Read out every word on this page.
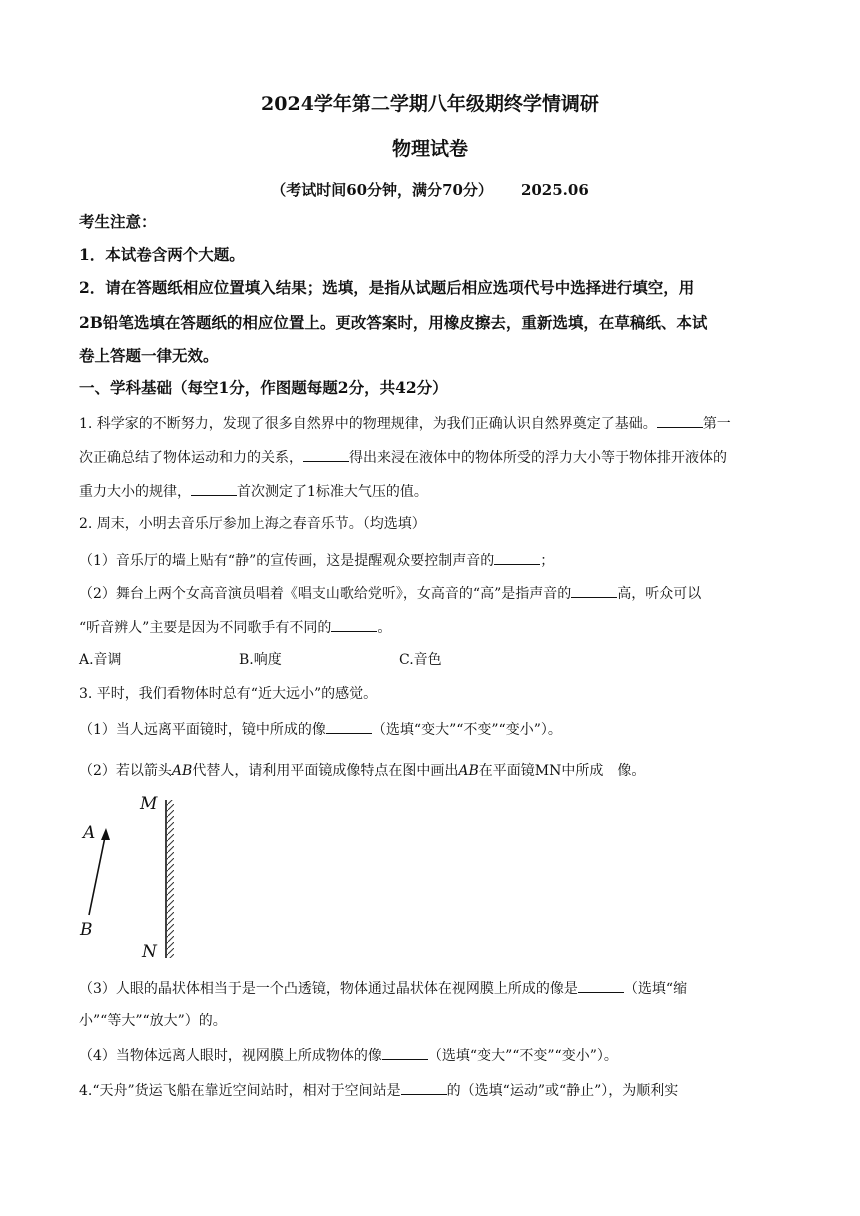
2024学年第二学期八年级期终学情调研
物理试卷
（考试时间60分钟，满分70分） 2025.06
考生注意：
1．本试卷含两个大题。
2．请在答题纸相应位置填入结果；选填，是指从试题后相应选项代号中选择进行填空，用
2B铅笔选填在答题纸的相应位置上。更改答案时，用橡皮擦去，重新选填，在草稿纸、本试
卷上答题一律无效。
一、学科基础（每空1分，作图题每题2分，共42分）
1. 科学家的不断努力，发现了很多自然界中的物理规律，为我们正确认识自然界奠定了基础。	第一
次正确总结了物体运动和力的关系，	得出来浸在液体中的物体所受的浮力大小等于物体排开液体的
重力大小的规律，	首次测定了1标准大气压的值。
2. 周末，小明去音乐厅参加上海之春音乐节。（均选填）
（1）音乐厅的墙上贴有“静”的宣传画，这是提醒观众要控制声音的	；
（2）舞台上两个女高音演员唱着《唱支山歌给党听》，女高音的“高”是指声音的	高，听众可以
“听音辨人”主要是因为不同歌手有不同的	。
A.音调	B.响度	C.音色
3. 平时，我们看物体时总有“近大远小”的感觉。
（1）当人远离平面镜时，镜中所成的像	（选填“变大”“不变”“变小”）。
（2）若以箭头AB代替人，请利用平面镜成像特点在图中画出AB在平面镜MN中所成　像。
M
N
A
B
（3）人眼的晶状体相当于是一个凸透镜，物体通过晶状体在视网膜上所成的像是	（选填“缩
小”“等大”“放大”）的。
（4）当物体远离人眼时，视网膜上所成物体的像	（选填“变大”“不变”“变小”）。
4.“天舟”货运飞船在靠近空间站时，相对于空间站是	的（选填“运动”或“静止”），为顺利实
